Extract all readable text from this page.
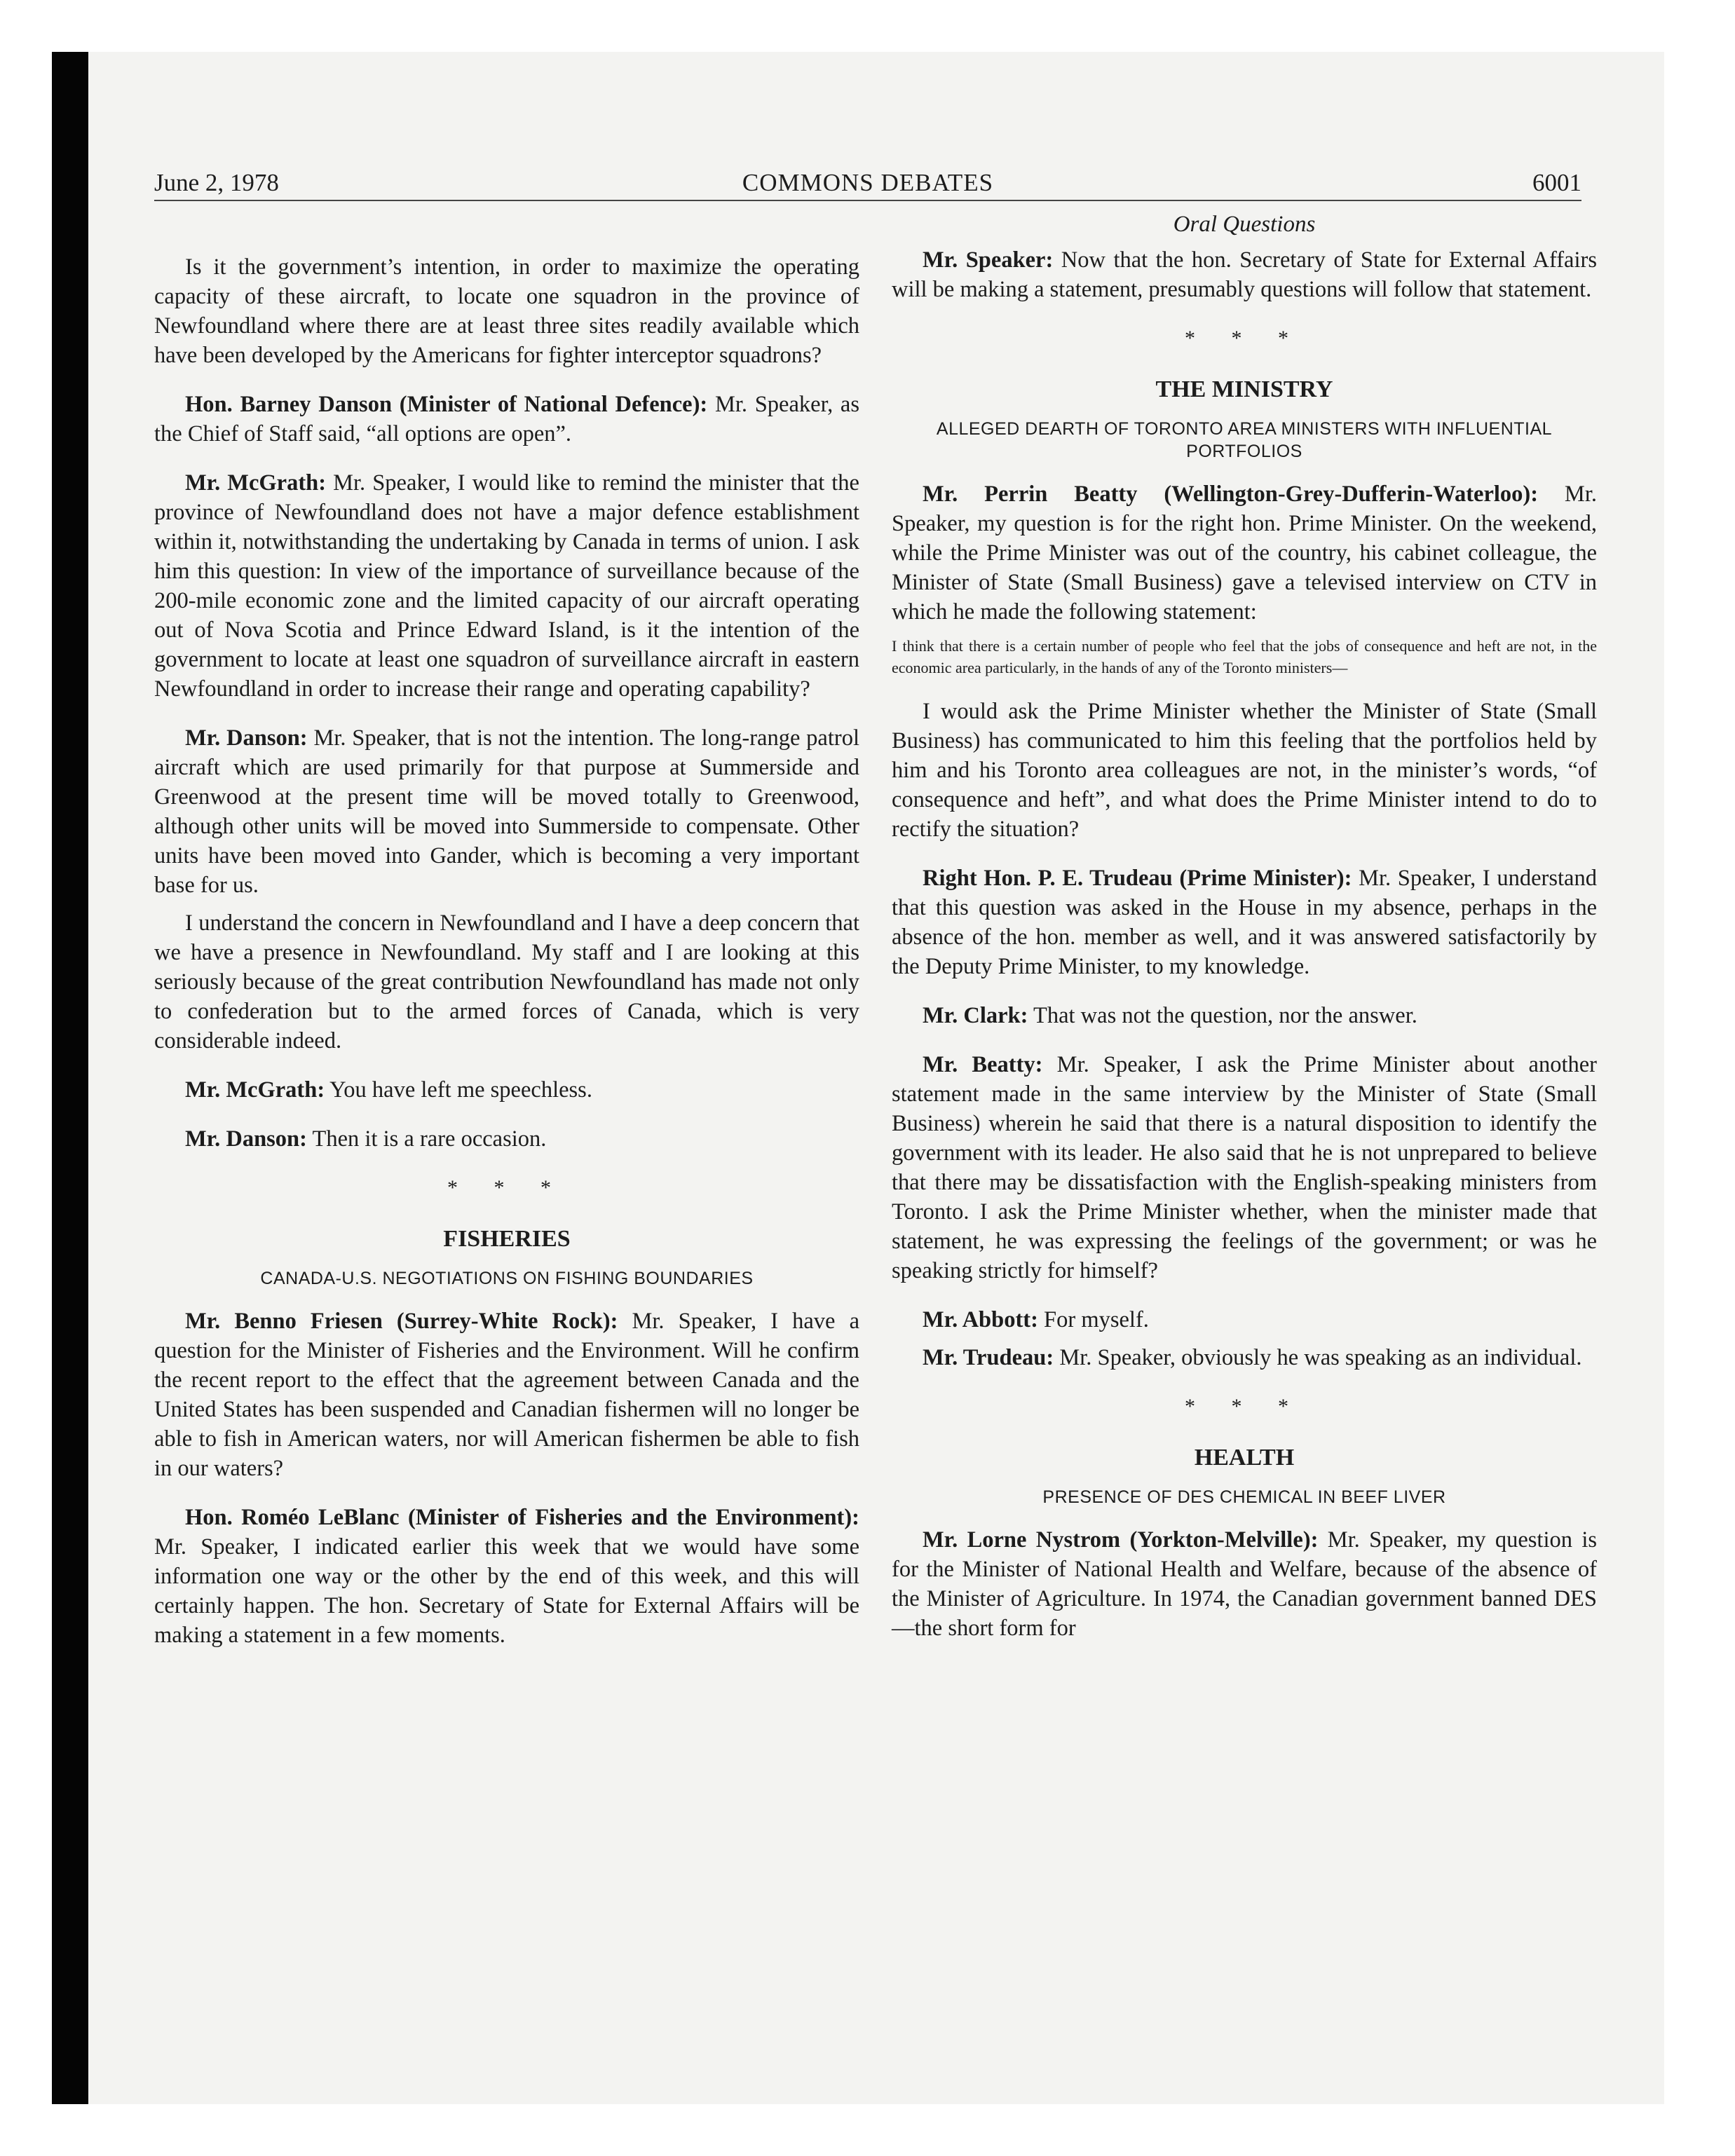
June 2, 1978	COMMONS DEBATES	6001

Is it the government’s intention, in order to maximize the operating capacity of these aircraft, to locate one squadron in the province of Newfoundland where there are at least three sites readily available which have been developed by the Americans for fighter interceptor squadrons?

Hon. Barney Danson (Minister of National Defence): Mr. Speaker, as the Chief of Staff said, “all options are open”.

Mr. McGrath: Mr. Speaker, I would like to remind the minister that the province of Newfoundland does not have a major defence establishment within it, notwithstanding the undertaking by Canada in terms of union. I ask him this question: In view of the importance of surveillance because of the 200-mile economic zone and the limited capacity of our aircraft operating out of Nova Scotia and Prince Edward Island, is it the intention of the government to locate at least one squadron of surveillance aircraft in eastern Newfoundland in order to increase their range and operating capability?

Mr. Danson: Mr. Speaker, that is not the intention. The long-range patrol aircraft which are used primarily for that purpose at Summerside and Greenwood at the present time will be moved totally to Greenwood, although other units will be moved into Summerside to compensate. Other units have been moved into Gander, which is becoming a very important base for us.

I understand the concern in Newfoundland and I have a deep concern that we have a presence in Newfoundland. My staff and I are looking at this seriously because of the great contribution Newfoundland has made not only to confederation but to the armed forces of Canada, which is very considerable indeed.

Mr. McGrath: You have left me speechless.

Mr. Danson: Then it is a rare occasion.

* * *
FISHERIES
CANADA-U.S. NEGOTIATIONS ON FISHING BOUNDARIES

Mr. Benno Friesen (Surrey-White Rock): Mr. Speaker, I have a question for the Minister of Fisheries and the Environment. Will he confirm the recent report to the effect that the agreement between Canada and the United States has been suspended and Canadian fishermen will no longer be able to fish in American waters, nor will American fishermen be able to fish in our waters?

Hon. Roméo LeBlanc (Minister of Fisheries and the Environment): Mr. Speaker, I indicated earlier this week that we would have some information one way or the other by the end of this week, and this will certainly happen. The hon. Secretary of State for External Affairs will be making a statement in a few moments.

Oral Questions

Mr. Speaker: Now that the hon. Secretary of State for External Affairs will be making a statement, presumably questions will follow that statement.

* * *
THE MINISTRY
ALLEGED DEARTH OF TORONTO AREA MINISTERS WITH INFLUENTIAL PORTFOLIOS

Mr. Perrin Beatty (Wellington-Grey-Dufferin-Waterloo): Mr. Speaker, my question is for the right hon. Prime Minister. On the weekend, while the Prime Minister was out of the country, his cabinet colleague, the Minister of State (Small Business) gave a televised interview on CTV in which he made the following statement:

I think that there is a certain number of people who feel that the jobs of consequence and heft are not, in the economic area particularly, in the hands of any of the Toronto ministers—

I would ask the Prime Minister whether the Minister of State (Small Business) has communicated to him this feeling that the portfolios held by him and his Toronto area colleagues are not, in the minister’s words, “of consequence and heft”, and what does the Prime Minister intend to do to rectify the situation?

Right Hon. P. E. Trudeau (Prime Minister): Mr. Speaker, I understand that this question was asked in the House in my absence, perhaps in the absence of the hon. member as well, and it was answered satisfactorily by the Deputy Prime Minister, to my knowledge.

Mr. Clark: That was not the question, nor the answer.

Mr. Beatty: Mr. Speaker, I ask the Prime Minister about another statement made in the same interview by the Minister of State (Small Business) wherein he said that there is a natural disposition to identify the government with its leader. He also said that he is not unprepared to believe that there may be dissatisfaction with the English-speaking ministers from Toronto. I ask the Prime Minister whether, when the minister made that statement, he was expressing the feelings of the government; or was he speaking strictly for himself?

Mr. Abbott: For myself.

Mr. Trudeau: Mr. Speaker, obviously he was speaking as an individual.

* * *
HEALTH
PRESENCE OF DES CHEMICAL IN BEEF LIVER

Mr. Lorne Nystrom (Yorkton-Melville): Mr. Speaker, my question is for the Minister of National Health and Welfare, because of the absence of the Minister of Agriculture. In 1974, the Canadian government banned DES—the short form for
